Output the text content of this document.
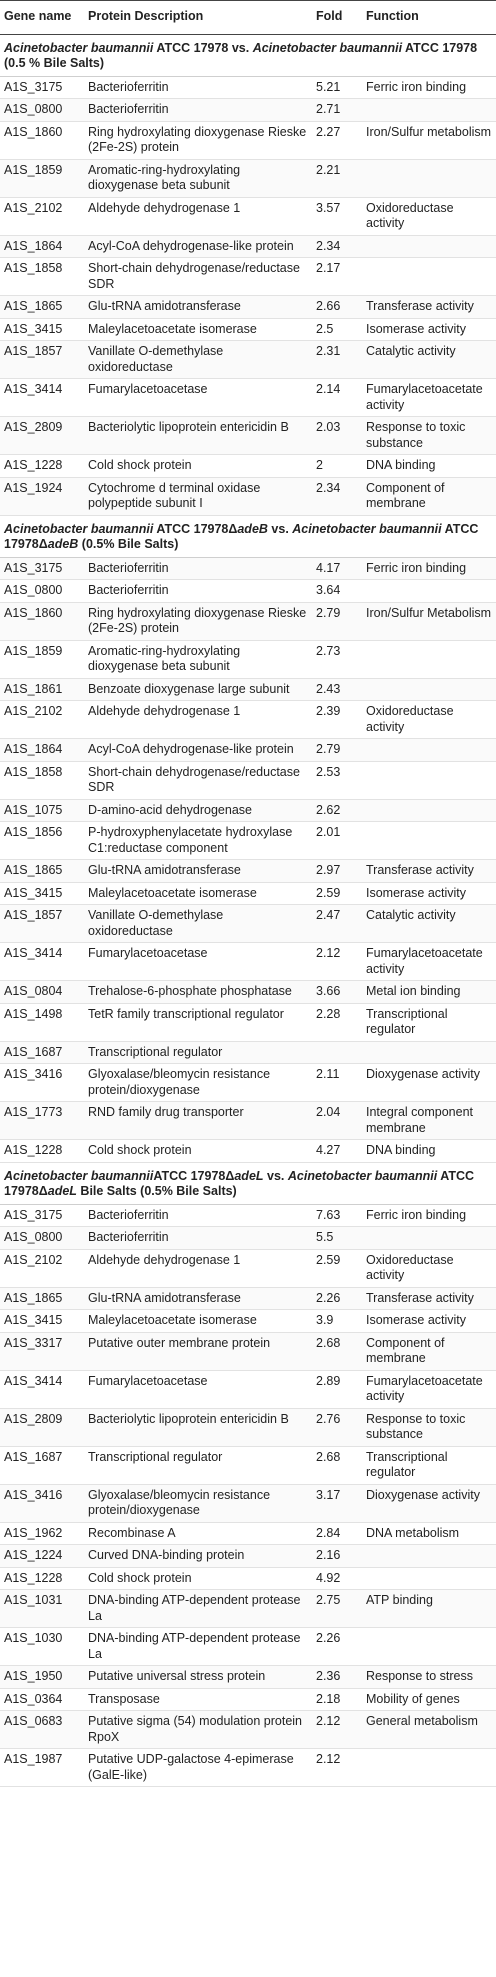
Gene name	Protein Description	Fold	Function
Acinetobacter baumannii ATCC 17978 vs. Acinetobacter baumannii ATCC 17978 (0.5 % Bile Salts)			
A1S_3175	Bacterioferritin	5.21	Ferric iron binding
A1S_0800	Bacterioferritin	2.71	
A1S_1860	Ring hydroxylating dioxygenase Rieske (2Fe-2S) protein	2.27	Iron/Sulfur metabolism
A1S_1859	Aromatic-ring-hydroxylating dioxygenase beta subunit	2.21	
A1S_2102	Aldehyde dehydrogenase 1	3.57	Oxidoreductase activity
A1S_1864	Acyl-CoA dehydrogenase-like protein	2.34	
A1S_1858	Short-chain dehydrogenase/reductase SDR	2.17	
A1S_1865	Glu-tRNA amidotransferase	2.66	Transferase activity
A1S_3415	Maleylacetoacetate isomerase	2.5	Isomerase activity
A1S_1857	Vanillate O-demethylase oxidoreductase	2.31	Catalytic activity
A1S_3414	Fumarylacetoacetase	2.14	Fumarylacetoacetate activity
A1S_2809	Bacteriolytic lipoprotein entericidin B	2.03	Response to toxic substance
A1S_1228	Cold shock protein	2	DNA binding
A1S_1924	Cytochrome d terminal oxidase polypeptide subunit I	2.34	Component of membrane
Acinetobacter baumannii ATCC 17978ΔadeB vs. Acinetobacter baumannii ATCC 17978ΔadeB (0.5% Bile Salts)			
A1S_3175	Bacterioferritin	4.17	Ferric iron binding
A1S_0800	Bacterioferritin	3.64	
A1S_1860	Ring hydroxylating dioxygenase Rieske (2Fe-2S) protein	2.79	Iron/Sulfur Metabolism
A1S_1859	Aromatic-ring-hydroxylating dioxygenase beta subunit	2.73	
A1S_1861	Benzoate dioxygenase large subunit	2.43	
A1S_2102	Aldehyde dehydrogenase 1	2.39	Oxidoreductase activity
A1S_1864	Acyl-CoA dehydrogenase-like protein	2.79	
A1S_1858	Short-chain dehydrogenase/reductase SDR	2.53	
A1S_1075	D-amino-acid dehydrogenase	2.62	
A1S_1856	P-hydroxyphenylacetate hydroxylase C1:reductase component	2.01	
A1S_1865	Glu-tRNA amidotransferase	2.97	Transferase activity
A1S_3415	Maleylacetoacetate isomerase	2.59	Isomerase activity
A1S_1857	Vanillate O-demethylase oxidoreductase	2.47	Catalytic activity
A1S_3414	Fumarylacetoacetase	2.12	Fumarylacetoacetate activity
A1S_0804	Trehalose-6-phosphate phosphatase	3.66	Metal ion binding
A1S_1498	TetR family transcriptional regulator	2.28	Transcriptional regulator
A1S_1687	Transcriptional regulator		
A1S_3416	Glyoxalase/bleomycin resistance protein/dioxygenase	2.11	Dioxygenase activity
A1S_1773	RND family drug transporter	2.04	Integral component membrane
A1S_1228	Cold shock protein	4.27	DNA binding
Acinetobacter baumanniiATCC 17978ΔadeL vs. Acinetobacter baumannii ATCC 17978ΔadeL Bile Salts (0.5% Bile Salts)			
A1S_3175	Bacterioferritin	7.63	Ferric iron binding
A1S_0800	Bacterioferritin	5.5	
A1S_2102	Aldehyde dehydrogenase 1	2.59	Oxidoreductase activity
A1S_1865	Glu-tRNA amidotransferase	2.26	Transferase activity
A1S_3415	Maleylacetoacetate isomerase	3.9	Isomerase activity
A1S_3317	Putative outer membrane protein	2.68	Component of membrane
A1S_3414	Fumarylacetoacetase	2.89	Fumarylacetoacetate activity
A1S_2809	Bacteriolytic lipoprotein entericidin B	2.76	Response to toxic substance
A1S_1687	Transcriptional regulator	2.68	Transcriptional regulator
A1S_3416	Glyoxalase/bleomycin resistance protein/dioxygenase	3.17	Dioxygenase activity
A1S_1962	Recombinase A	2.84	DNA metabolism
A1S_1224	Curved DNA-binding protein	2.16	
A1S_1228	Cold shock protein	4.92	
A1S_1031	DNA-binding ATP-dependent protease La	2.75	ATP binding
A1S_1030	DNA-binding ATP-dependent protease La	2.26	
A1S_1950	Putative universal stress protein	2.36	Response to stress
A1S_0364	Transposase	2.18	Mobility of genes
A1S_0683	Putative sigma (54) modulation protein RpoX	2.12	General metabolism
A1S_1987	Putative UDP-galactose 4-epimerase (GalE-like)	2.12	
